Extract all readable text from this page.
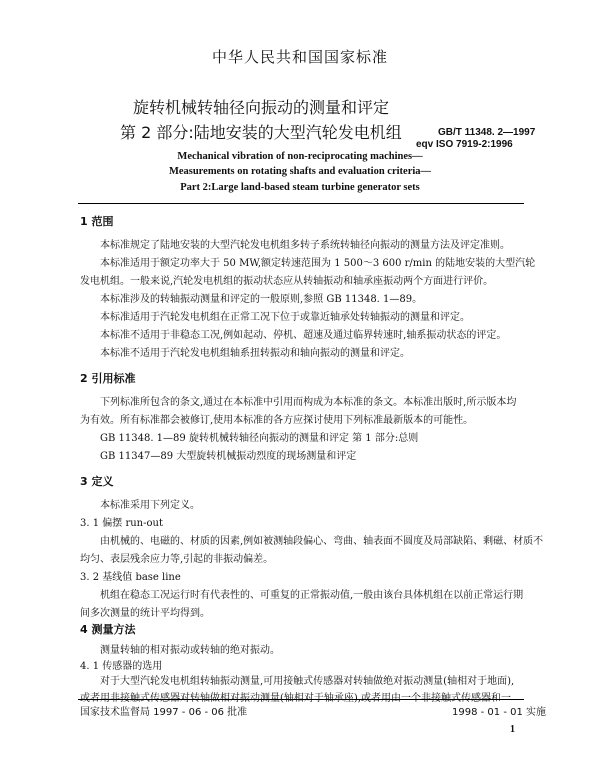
中华人民共和国国家标准
旋转机械转轴径向振动的测量和评定
第 2 部分:陆地安装的大型汽轮发电机组	GB/T 11348. 2—1997
eqv ISO 7919-2:1996
Mechanical vibration of non-reciprocating machines—
Measurements on rotating shafts and evaluation criteria—
Part 2:Large land-based steam turbine generator sets
1 范围
本标准规定了陆地安装的大型汽轮发电机组多转子系统转轴径向振动的测量方法及评定准则。
本标准适用于额定功率大于 50 MW,额定转速范围为 1 500～3 600 r/min 的陆地安装的大型汽轮
发电机组。一般来说,汽轮发电机组的振动状态应从转轴振动和轴承座振动两个方面进行评价。
本标准涉及的转轴振动测量和评定的一般原则,参照 GB 11348. 1—89。
本标准适用于汽轮发电机组在正常工况下位于或靠近轴承处转轴振动的测量和评定。
本标准不适用于非稳态工况,例如起动、停机、超速及通过临界转速时,轴系振动状态的评定。
本标准不适用于汽轮发电机组轴系扭转振动和轴向振动的测量和评定。
2 引用标准
下列标准所包含的条文,通过在本标准中引用而构成为本标准的条文。本标准出版时,所示版本均
为有效。所有标准都会被修订,使用本标准的各方应探讨使用下列标准最新版本的可能性。
GB 11348. 1—89 旋转机械转轴径向振动的测量和评定 第 1 部分:总则
GB 11347—89 大型旋转机械振动烈度的现场测量和评定
3 定义
本标准采用下列定义。
3. 1 偏摆 run-out
由机械的、电磁的、材质的因素,例如被测轴段偏心、弯曲、轴表面不圆度及局部缺陷、剩磁、材质不
均匀、表层残余应力等,引起的非振动偏差。
3. 2 基线值 base line
机组在稳态工况运行时有代表性的、可重复的正常振动值,一般由该台具体机组在以前正常运行期
间多次测量的统计平均得到。
4 测量方法
测量转轴的相对振动或转轴的绝对振动。
4. 1 传感器的选用
对于大型汽轮发电机组转轴振动测量,可用接触式传感器对转轴做绝对振动测量(轴相对于地面),
或者用非接触式传感器对转轴做相对振动测量(轴相对于轴承座),或者用由一个非接触式传感器和一
国家技术监督局 1997 - 06 - 06 批准	1998 - 01 - 01 实施
1
